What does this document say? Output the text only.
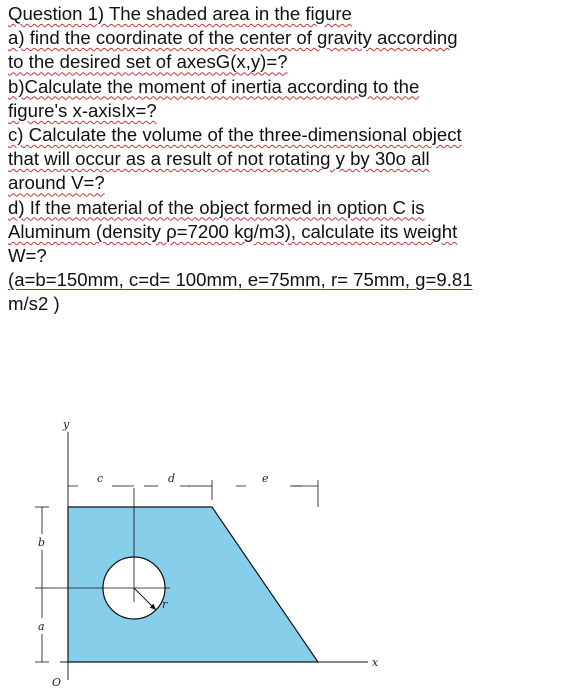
Question 1) The shaded area in the figure

a) find the coordinate of the center of gravity according

to the desired set of axesG(x,y)=?

b)Calculate the moment of inertia according to the

figure's x-axisIx=?

c) Calculate the volume of the three-dimensional object

that will occur as a result of not rotating y by 30o all

around V=?

d) If the material of the object formed in option C is

Aluminum (density ρ=7200 kg/m3), calculate its weight

W=?

(a=b=150mm, c=d= 100mm, e=75mm, r= 75mm, g=9.81

m/s2 )

y
x
O
c	d	e
b
a
r
